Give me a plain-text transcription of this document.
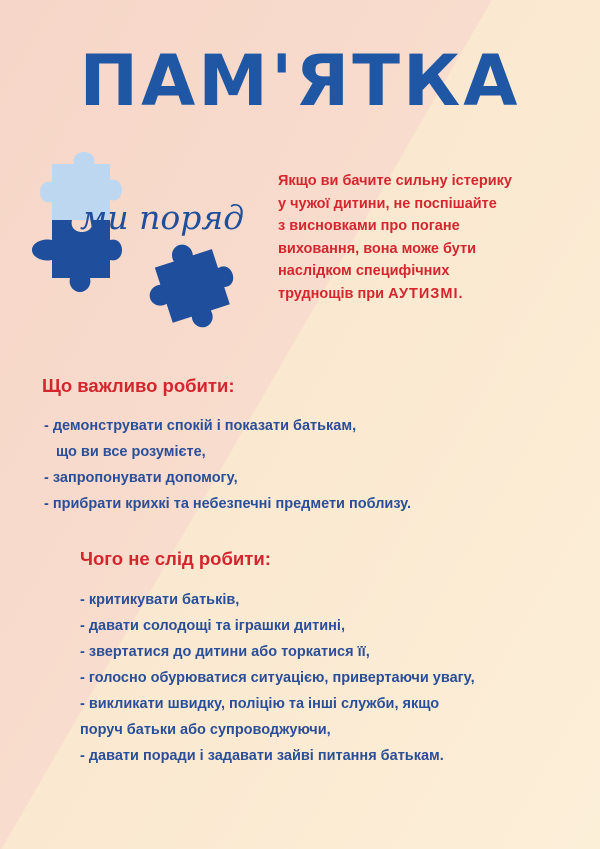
ПАМ'ЯТКА
ми поряд
Якщо ви бачите сильну істерику
у чужої дитини, не поспішайте
з висновками про погане
виховання, вона може бути
наслідком специфічних
труднощів при АУТИЗМІ.
Що важливо робити:
- демонструвати спокій і показати батькам,
що ви все розумієте,
- запропонувати допомогу,
- прибрати крихкі та небезпечні предмети поблизу.
Чого не слід робити:
- критикувати батьків,
- давати солодощі та іграшки дитині,
- звертатися до дитини або торкатися її,
- голосно обурюватися ситуацією, привертаючи увагу,
- викликати швидку, поліцію та інші служби, якщо
поруч батьки або супроводжуючи,
- давати поради і задавати зайві питання батькам.
